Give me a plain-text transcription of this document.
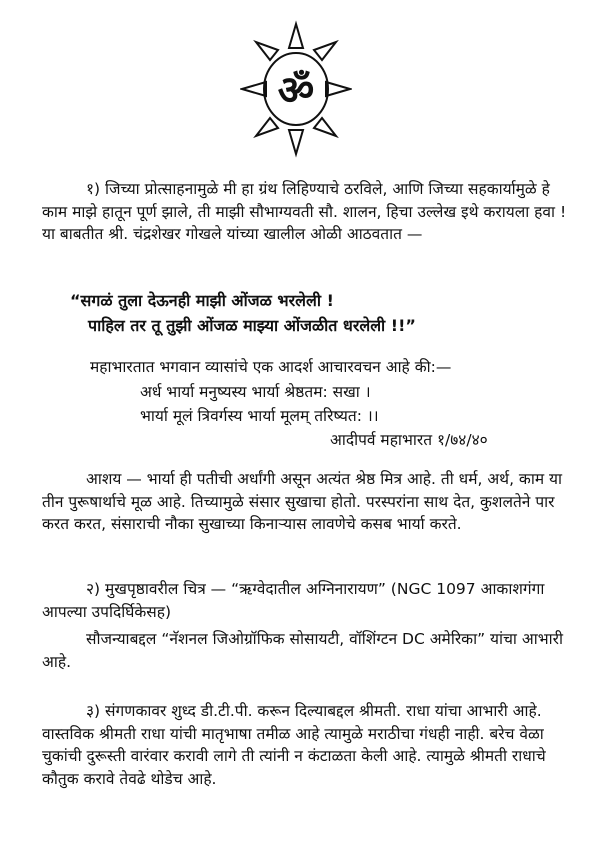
ॐ

१) जिच्या प्रोत्साहनामुळे मी हा ग्रंथ लिहिण्याचे ठरविले, आणि जिच्या सहकार्यामुळे हे काम माझे हातून पूर्ण झाले, ती माझी सौभाग्यवती सौ. शालन, हिचा उल्लेख इथे करायला हवा ! या बाबतीत श्री. चंद्रशेखर गोखले यांच्या खालील ओळी आठवतात —

“सगळं तुला देऊनही माझी ओंजळ भरलेली !
पाहिल तर तू तुझी ओंजळ माझ्या ओंजळीत धरलेली !!”

महाभारतात भगवान व्यासांचे एक आदर्श आचारवचन आहे की:—

अर्ध भार्या मनुष्यस्य भार्या श्रेष्ठतम: सखा ।
भार्या मूलं त्रिवर्गस्य भार्या मूलम् तरिष्यत: ।।
आदीपर्व महाभारत १/७४/४०

आशय — भार्या ही पतीची अर्धांगी असून अत्यंत श्रेष्ठ मित्र आहे. ती धर्म, अर्थ, काम या तीन पुरूषार्थाचे मूळ आहे. तिच्यामुळे संसार सुखाचा होतो. परस्परांना साथ देत, कुशलतेने पार करत करत, संसाराची नौका सुखाच्या किनाऱ्यास लावणेचे कसब भार्या करते.

२) मुखपृष्ठावरील चित्र — “ऋग्वेदातील अग्निनारायण” (NGC 1097 आकाशगंगा आपल्या उपदिर्घिकेसह)

सौजन्याबद्दल “नॅशनल जिओग्रॉफिक सोसायटी, वॉशिंग्टन DC अमेरिका” यांचा आभारी आहे.

३) संगणकावर शुध्द डी.टी.पी. करून दिल्याबद्दल श्रीमती. राधा यांचा आभारी आहे. वास्तविक श्रीमती राधा यांची मातृभाषा तमीळ आहे त्यामुळे मराठीचा गंधही नाही. बरेच वेळा चुकांची दुरूस्ती वारंवार करावी लागे ती त्यांनी न कंटाळता केली आहे. त्यामुळे श्रीमती राधाचे कौतुक करावे तेवढे थोडेच आहे.
